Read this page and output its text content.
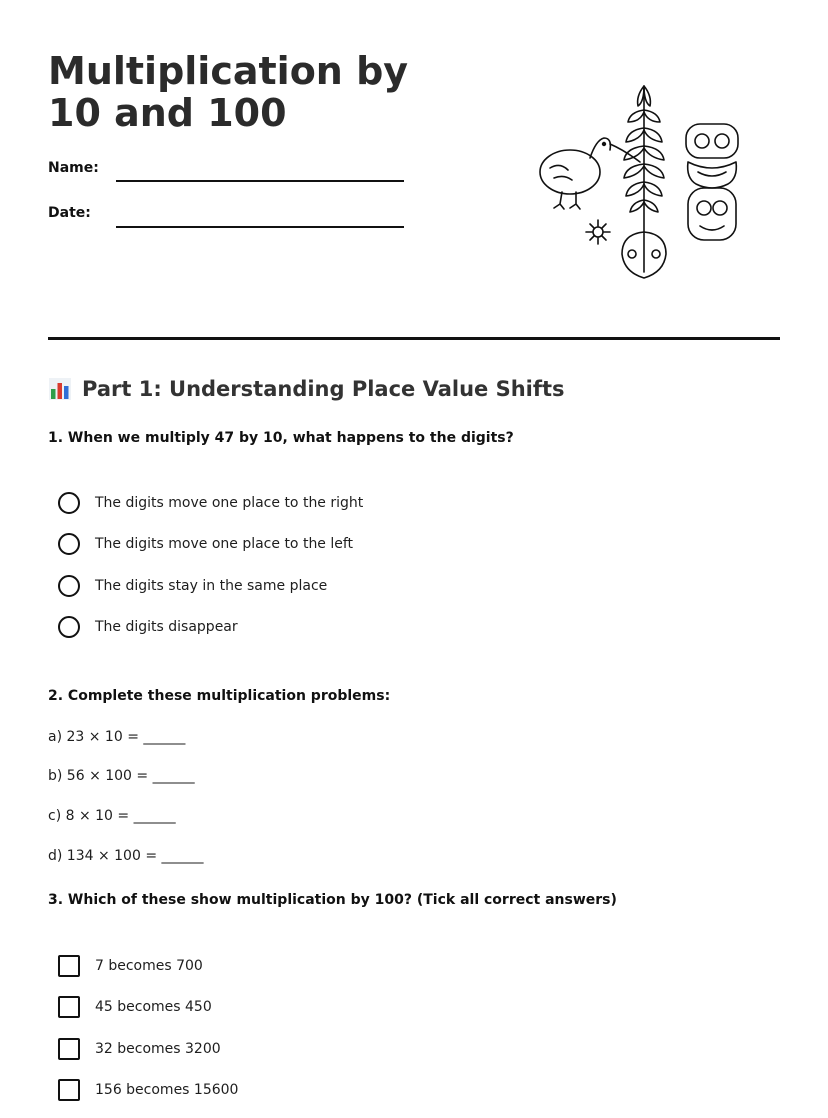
Multiplication by 10 and 100
Name:
Date:
Part 1: Understanding Place Value Shifts
1. When we multiply 47 by 10, what happens to the digits?
The digits move one place to the right
The digits move one place to the left
The digits stay in the same place
The digits disappear
2. Complete these multiplication problems:
a) 23 × 10 = ______
b) 56 × 100 = ______
c) 8 × 10 = ______
d) 134 × 100 = ______
3. Which of these show multiplication by 100? (Tick all correct answers)
7 becomes 700
45 becomes 450
32 becomes 3200
156 becomes 15600
